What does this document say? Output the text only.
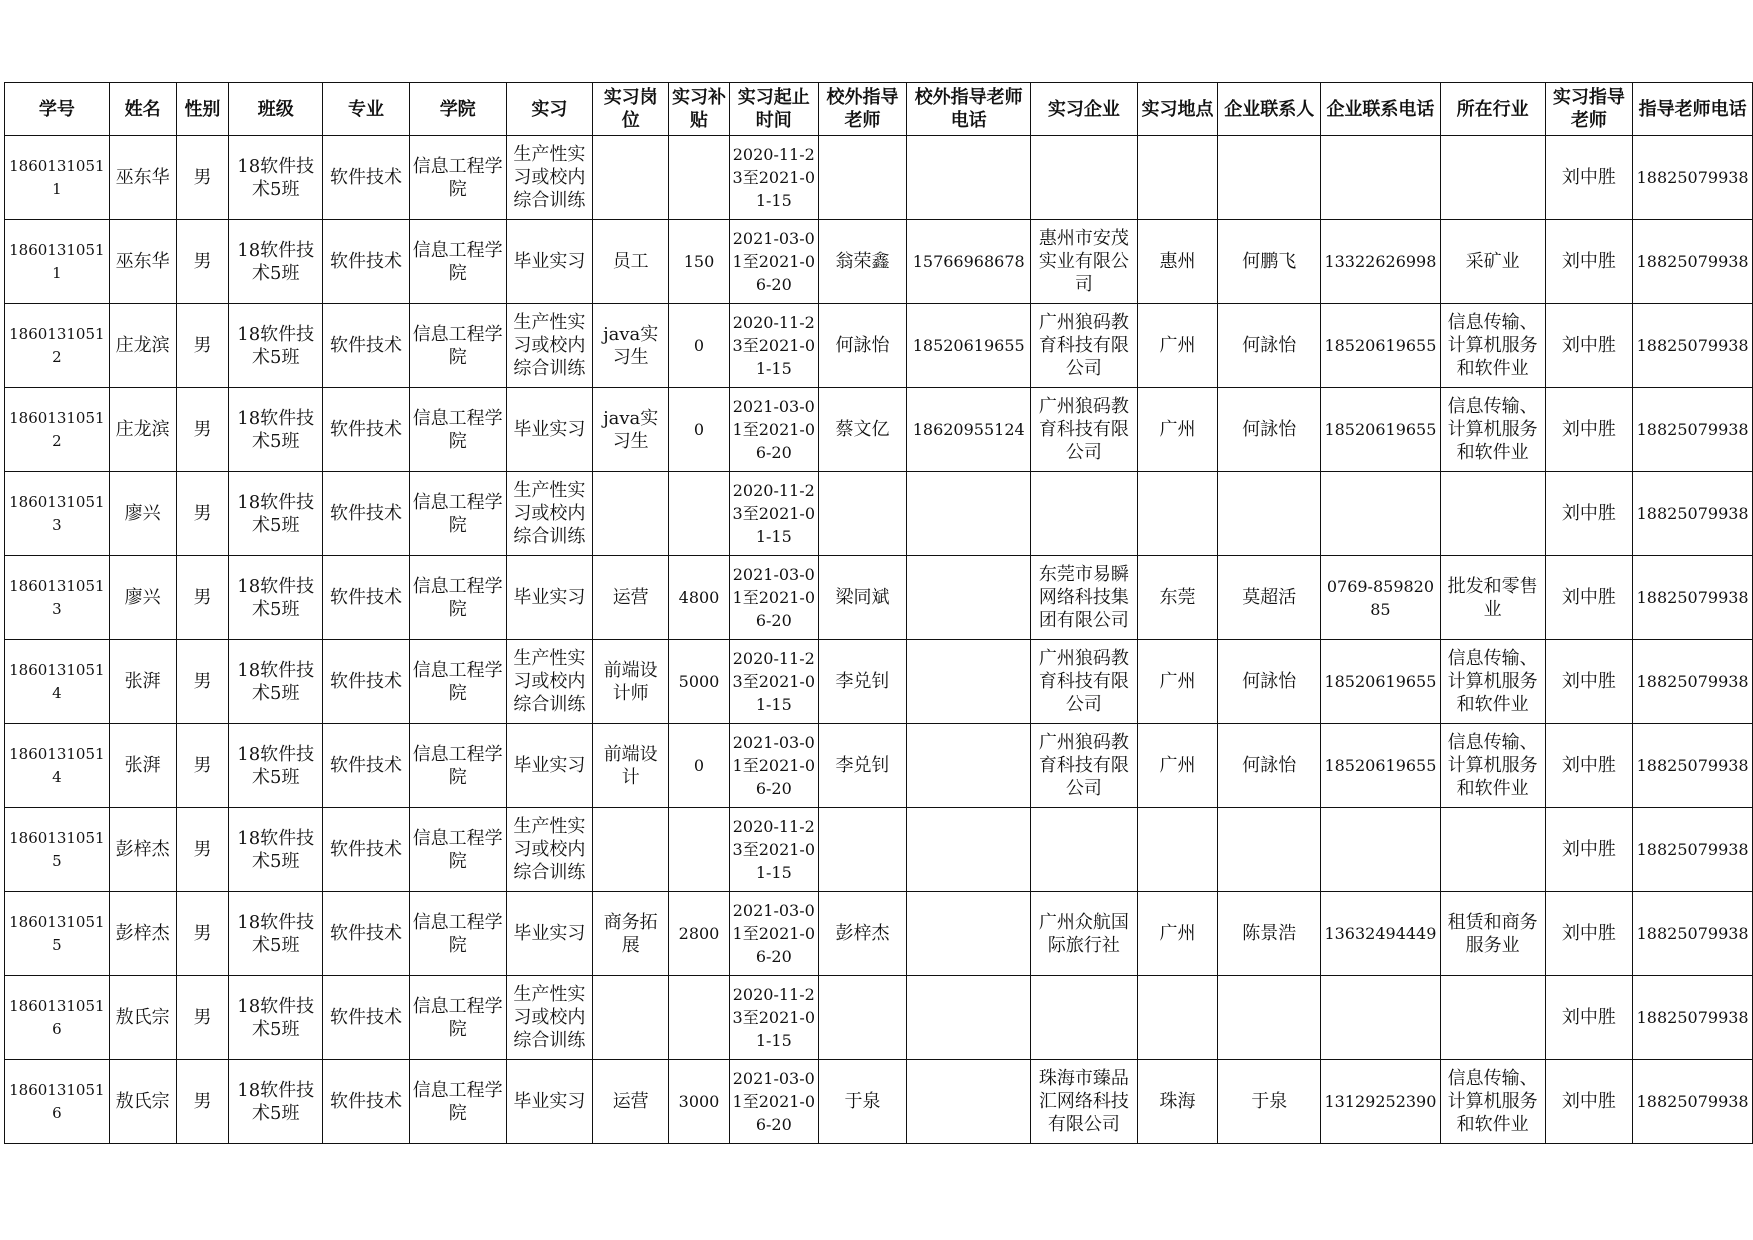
学号	姓名	性别	班级	专业	学院	实习	实习岗位	实习补贴	实习起止时间	校外指导老师	校外指导老师电话	实习企业	实习地点	企业联系人	企业联系电话	所在行业	实习指导老师	指导老师电话

18601310511	巫东华	男	18软件技术5班	软件技术	信息工程学院	生产性实习或校内综合训练			2020-11-23至2021-01-15								刘中胜	18825079938

18601310511	巫东华	男	18软件技术5班	软件技术	信息工程学院	毕业实习	员工	150	2021-03-01至2021-06-20	翁荣鑫	15766968678	惠州市安茂实业有限公司	惠州	何鹏飞	13322626998	采矿业	刘中胜	18825079938

18601310512	庄龙滨	男	18软件技术5班	软件技术	信息工程学院	生产性实习或校内综合训练	java实习生	0	2020-11-23至2021-01-15	何詠怡	18520619655	广州狼码教育科技有限公司	广州	何詠怡	18520619655	信息传输、计算机服务和软件业	刘中胜	18825079938

18601310512	庄龙滨	男	18软件技术5班	软件技术	信息工程学院	毕业实习	java实习生	0	2021-03-01至2021-06-20	蔡文亿	18620955124	广州狼码教育科技有限公司	广州	何詠怡	18520619655	信息传输、计算机服务和软件业	刘中胜	18825079938

18601310513	廖兴	男	18软件技术5班	软件技术	信息工程学院	生产性实习或校内综合训练			2020-11-23至2021-01-15								刘中胜	18825079938

18601310513	廖兴	男	18软件技术5班	软件技术	信息工程学院	毕业实习	运营	4800	2021-03-01至2021-06-20	梁同斌		东莞市易瞬网络科技集团有限公司	东莞	莫超活	0769-85982085	批发和零售业	刘中胜	18825079938

18601310514	张湃	男	18软件技术5班	软件技术	信息工程学院	生产性实习或校内综合训练	前端设计师	5000	2020-11-23至2021-01-15	李兑钊		广州狼码教育科技有限公司	广州	何詠怡	18520619655	信息传输、计算机服务和软件业	刘中胜	18825079938

18601310514	张湃	男	18软件技术5班	软件技术	信息工程学院	毕业实习	前端设计	0	2021-03-01至2021-06-20	李兑钊		广州狼码教育科技有限公司	广州	何詠怡	18520619655	信息传输、计算机服务和软件业	刘中胜	18825079938

18601310515	彭梓杰	男	18软件技术5班	软件技术	信息工程学院	生产性实习或校内综合训练			2020-11-23至2021-01-15								刘中胜	18825079938

18601310515	彭梓杰	男	18软件技术5班	软件技术	信息工程学院	毕业实习	商务拓展	2800	2021-03-01至2021-06-20	彭梓杰		广州众航国际旅行社	广州	陈景浩	13632494449	租赁和商务服务业	刘中胜	18825079938

18601310516	敖氏宗	男	18软件技术5班	软件技术	信息工程学院	生产性实习或校内综合训练			2020-11-23至2021-01-15								刘中胜	18825079938

18601310516	敖氏宗	男	18软件技术5班	软件技术	信息工程学院	毕业实习	运营	3000	2021-03-01至2021-06-20	于泉		珠海市臻品汇网络科技有限公司	珠海	于泉	13129252390	信息传输、计算机服务和软件业	刘中胜	18825079938
